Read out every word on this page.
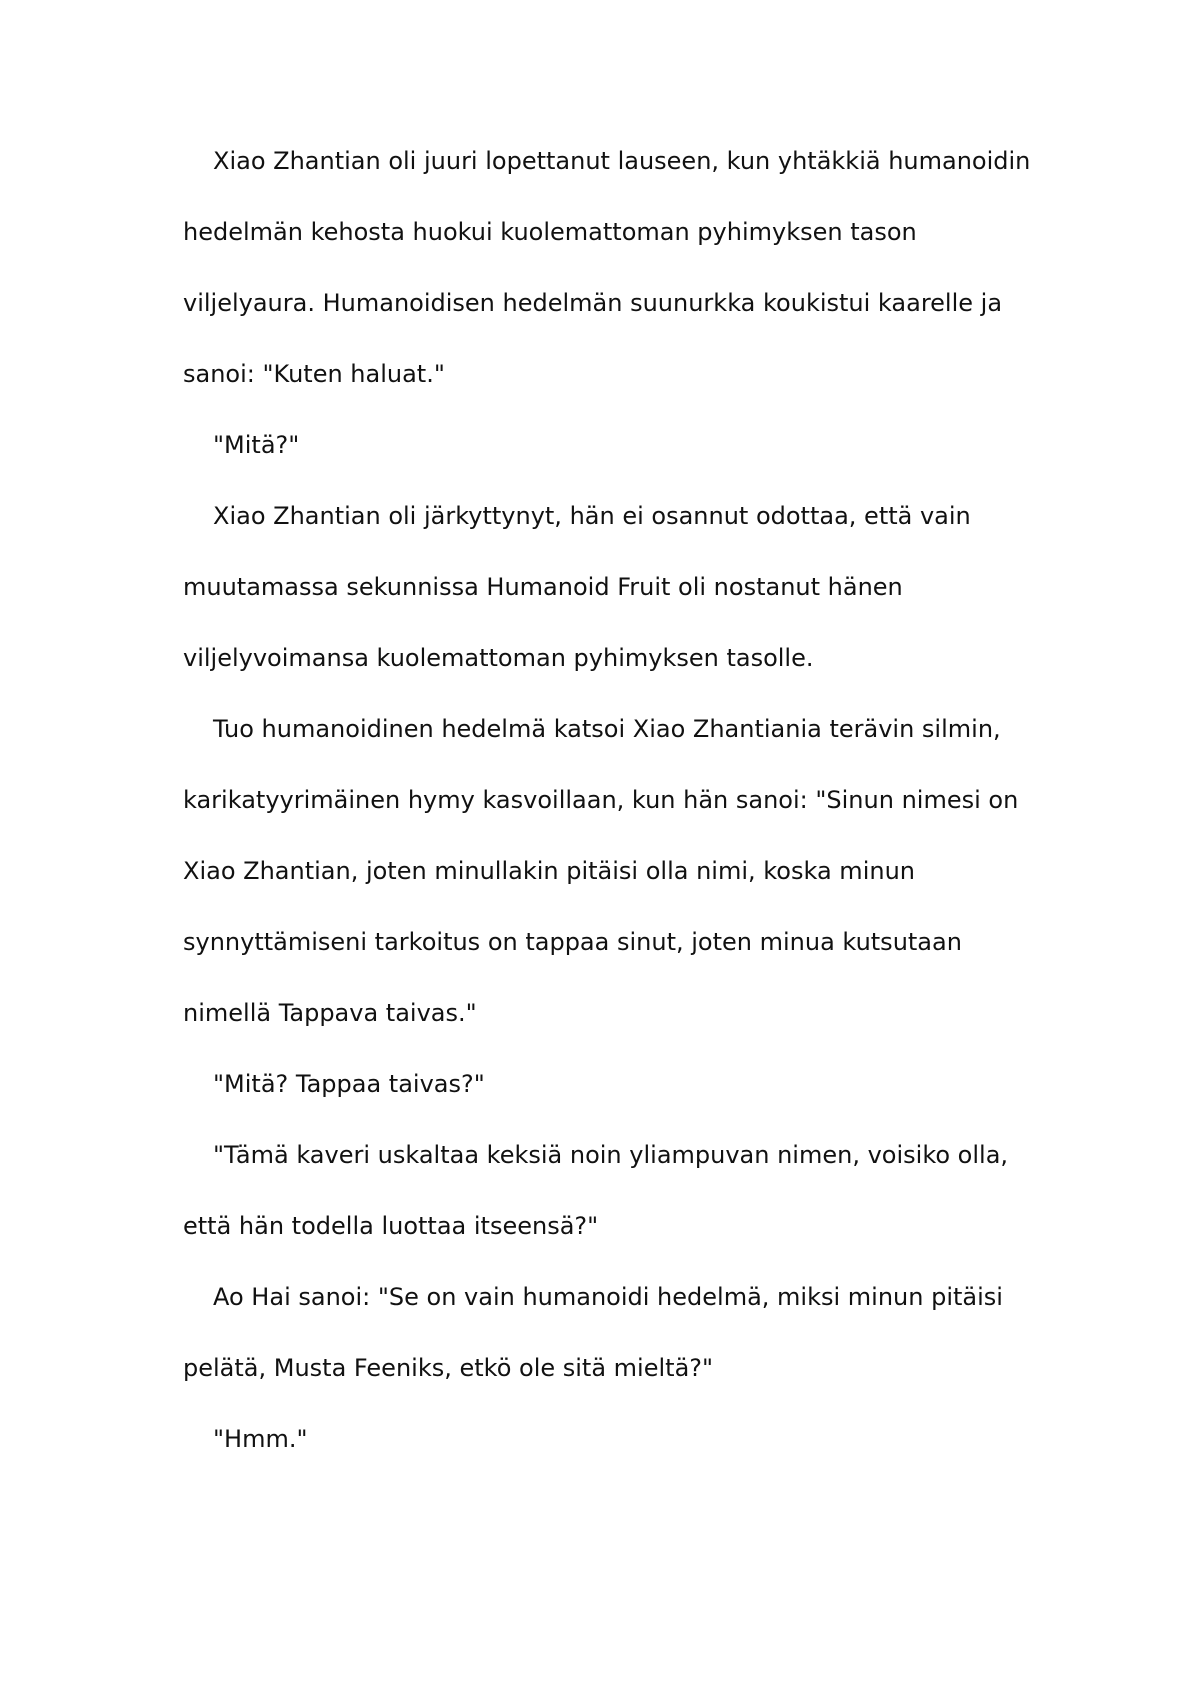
Xiao Zhantian oli juuri lopettanut lauseen, kun yhtäkkiä humanoidin hedelmän kehosta huokui kuolemattoman pyhimyksen tason viljelyaura. Humanoidisen hedelmän suunurkka koukistui kaarelle ja sanoi: "Kuten haluat."

"Mitä?"

Xiao Zhantian oli järkyttynyt, hän ei osannut odottaa, että vain muutamassa sekunnissa Humanoid Fruit oli nostanut hänen viljelyvoimansa kuolemattoman pyhimyksen tasolle.

Tuo humanoidinen hedelmä katsoi Xiao Zhantiania terävin silmin, karikatyyrimäinen hymy kasvoillaan, kun hän sanoi: "Sinun nimesi on Xiao Zhantian, joten minullakin pitäisi olla nimi, koska minun synnyttämiseni tarkoitus on tappaa sinut, joten minua kutsutaan nimellä Tappava taivas."

"Mitä? Tappaa taivas?"

"Tämä kaveri uskaltaa keksiä noin yliampuvan nimen, voisiko olla, että hän todella luottaa itseensä?"

Ao Hai sanoi: "Se on vain humanoidi hedelmä, miksi minun pitäisi pelätä, Musta Feeniks, etkö ole sitä mieltä?"

"Hmm."
